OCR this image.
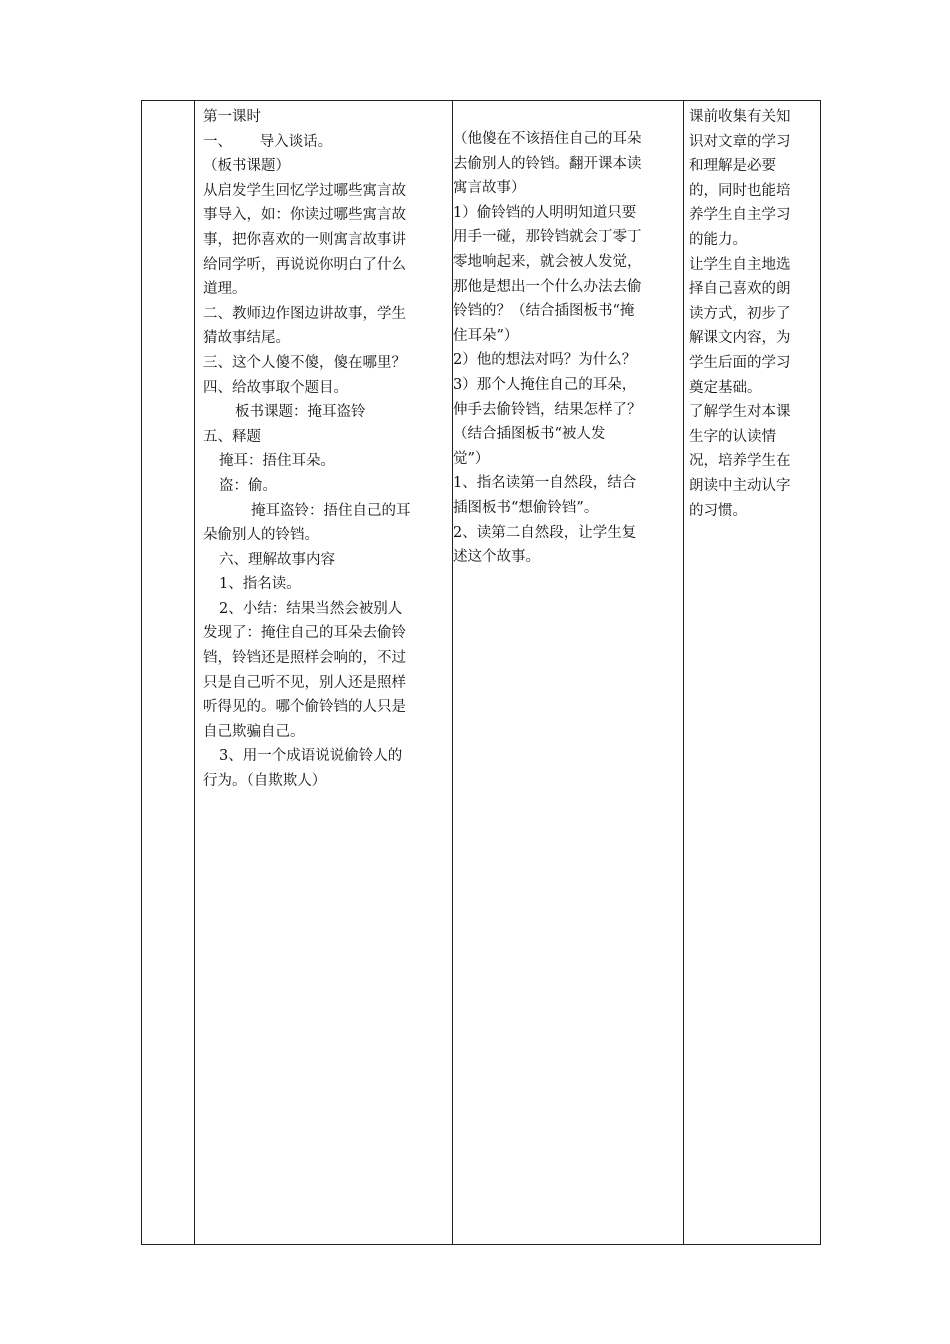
第一课时

一、      导入谈话。

（板书课题）

从启发学生回忆学过哪些寓言故

事导入，如：你读过哪些寓言故

事，把你喜欢的一则寓言故事讲

给同学听，再说说你明白了什么

道理。

二、教师边作图边讲故事，学生

猜故事结尾。

三、这个人傻不傻，傻在哪里？

四、给故事取个题目。

板书课题：掩耳盗铃

五、释题

掩耳：捂住耳朵。

盗：偷。

掩耳盗铃：捂住自己的耳

朵偷别人的铃铛。

六、理解故事内容

1、指名读。

2、小结：结果当然会被别人

发现了：掩住自己的耳朵去偷铃

铛，铃铛还是照样会响的，不过

只是自己听不见，别人还是照样

听得见的。哪个偷铃铛的人只是

自己欺骗自己。

3、用一个成语说说偷铃人的

行为。（自欺欺人）

（他傻在不该捂住自己的耳朵

去偷别人的铃铛。翻开课本读

寓言故事）

1）偷铃铛的人明明知道只要

用手一碰，那铃铛就会丁零丁

零地响起来，就会被人发觉，

那他是想出一个什么办法去偷

铃铛的？（结合插图板书“掩

住耳朵”）

2）他的想法对吗？为什么？

3）那个人掩住自己的耳朵，

伸手去偷铃铛，结果怎样了？

（结合插图板书“被人发

觉”）

1、指名读第一自然段，结合

插图板书“想偷铃铛”。

2、读第二自然段，让学生复

述这个故事。

课前收集有关知

识对文章的学习

和理解是必要

的，同时也能培

养学生自主学习

的能力。

让学生自主地选

择自己喜欢的朗

读方式，初步了

解课文内容，为

学生后面的学习

奠定基础。

了解学生对本课

生字的认读情

况，培养学生在

朗读中主动认字

的习惯。
